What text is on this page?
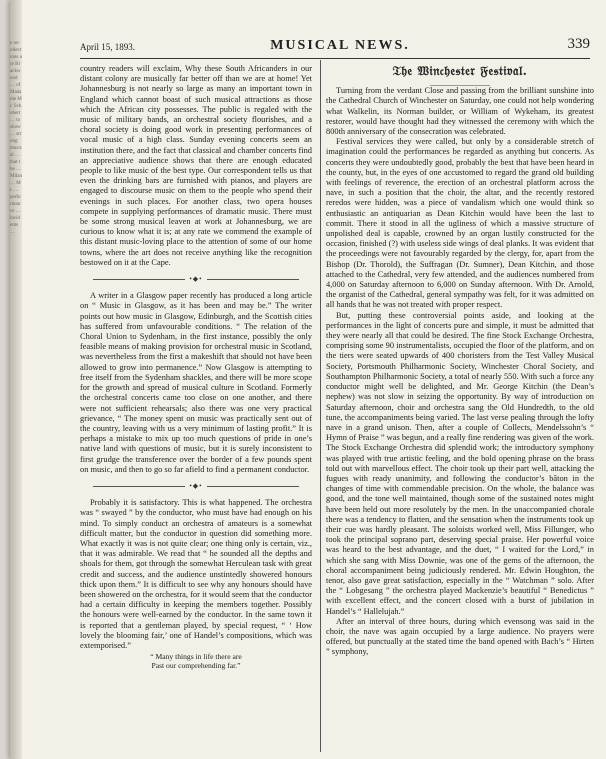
e recollections are Blackwood … of Madame Mr. Schubert … to show … strong musical … that the … Milan … Mr. … performance … incidents …
April 15, 1893.	MUSICAL NEWS.	339

country readers will exclaim, Why these South Africanders in our distant colony are musically far better off than we are at home! Yet Johannesburg is not nearly so large as many an important town in England which cannot boast of such musical attractions as those which the African city possesses. The public is regaled with the music of military bands, an orchestral society flourishes, and a choral society is doing good work in presenting performances of vocal music of a high class. Sunday evening concerts seem an institution there, and the fact that classical and chamber concerts find an appreciative audience shows that there are enough educated people to like music of the best type. Our correspondent tells us that even the drinking bars are furnished with pianos, and players are engaged to discourse music on them to the people who spend their evenings in such places. For another class, two opera houses compete in supplying performances of dramatic music. There must be some strong musical leaven at work at Johannesburg, we are curious to know what it is; at any rate we commend the example of this distant music-loving place to the attention of some of our home towns, where the art does not receive anything like the recognition bestowed on it at the Cape.

•◆•

A writer in a Glasgow paper recently has produced a long article on “ Music in Glasgow, as it has been and may be.” The writer points out how music in Glasgow, Edinburgh, and the Scottish cities has suffered from unfavourable conditions. “ The relation of the Choral Union to Sydenham, in the first instance, possibly the only feasible means of making provision for orchestral music in Scotland, was nevertheless from the first a makeshift that should not have been allowed to grow into permanence.” Now Glasgow is attempting to free itself from the Sydenham shackles, and there will be more scope for the growth and spread of musical culture in Scotland. Formerly the orchestral concerts came too close on one another, and there were not sufficient rehearsals; also there was one very practical grievance, “ The money spent on music was practically sent out of the country, leaving with us a very minimum of lasting profit.” It is perhaps a mistake to mix up too much questions of pride in one’s native land with questions of music, but it is surely inconsistent to first grudge the transference over the border of a few pounds spent on music, and then to go so far afield to find a permanent conductor.

•◆•

Probably it is satisfactory. This is what happened. The orchestra was “ swayed ” by the conductor, who must have had enough on his mind. To simply conduct an orchestra of amateurs is a somewhat difficult matter, but the conductor in question did something more. What exactly it was is not quite clear; one thing only is certain, viz., that it was admirable. We read that “ he sounded all the depths and shoals for them, got through the somewhat Herculean task with great credit and success, and the audience unstintedly showered honours thick upon them.” It is difficult to see why any honours should have been showered on the orchestra, for it would seem that the conductor had a certain difficulty in keeping the members together. Possibly the honours were well-earned by the conductor. In the same town it is reported that a gentleman played, by special request, “ ‘ How lovely the blooming fair,’ one of Handel’s compositions, which was extemporised.”

“ Many things in life there are
Past our comprehending far.”
𝔗𝔥𝔢 𝔚𝔦𝔫𝔠𝔥𝔢𝔰𝔱𝔢𝔯 𝔉𝔢𝔰𝔱𝔦𝔳𝔞𝔩.

Turning from the verdant Close and passing from the brilliant sunshine into the Cathedral Church of Winchester on Saturday, one could not help wondering what Walkelin, its Norman builder, or William of Wykeham, its greatest restorer, would have thought had they witnessed the ceremony with which the 800th anniversary of the consecration was celebrated.

Festival services they were called, but only by a considerable stretch of imagination could the performances be regarded as anything but concerts. As concerts they were undoubtedly good, probably the best that have been heard in the county, but, in the eyes of one accustomed to regard the grand old building with feelings of reverence, the erection of an orchestral platform across the nave, in such a position that the choir, the altar, and the recently restored reredos were hidden, was a piece of vandalism which one would think so enthusiastic an antiquarian as Dean Kitchin would have been the last to commit. There it stood in all the ugliness of which a massive structure of unpolished deal is capable, crowned by an organ lustily constructed for the occasion, finished (?) with useless side wings of deal planks. It was evident that the proceedings were not favourably regarded by the clergy, for, apart from the Bishop (Dr. Thorold), the Suffragan (Dr. Sumner), Dean Kitchin, and those attached to the Cathedral, very few attended, and the audiences numbered from 4,000 on Saturday afternoon to 6,000 on Sunday afternoon. With Dr. Arnold, the organist of the Cathedral, general sympathy was felt, for it was admitted on all hands that he was not treated with proper respect.

But, putting these controversial points aside, and looking at the performances in the light of concerts pure and simple, it must be admitted that they were nearly all that could be desired. The fine Stock Exchange Orchestra, comprising some 90 instrumentalists, occupied the floor of the platform, and on the tiers were seated upwards of 400 choristers from the Test Valley Musical Society, Portsmouth Philharmonic Society, Winchester Choral Society, and Southampton Philharmonic Society, a total of nearly 550. With such a force any conductor might well be delighted, and Mr. George Kitchin (the Dean’s nephew) was not slow in seizing the opportunity. By way of introduction on Saturday afternoon, choir and orchestra sang the Old Hundredth, to the old tune, the accompaniments being varied. The last verse pealing through the lofty nave in a grand unison. Then, after a couple of Collects, Mendelssohn’s “ Hymn of Praise ” was begun, and a really fine rendering was given of the work. The Stock Exchange Orchestra did splendid work; the introductory symphony was played with true artistic feeling, and the bold opening phrase on the brass told out with marvellous effect. The choir took up their part well, attacking the fugues with ready unanimity, and following the conductor’s bâton in the changes of time with commendable precision. On the whole, the balance was good, and the tone well maintained, though some of the sustained notes might have been held out more resolutely by the men. In the unaccompanied chorale there was a tendency to flatten, and the sensation when the instruments took up their cue was hardly pleasant. The soloists worked well, Miss Fillunger, who took the principal soprano part, deserving special praise. Her powerful voice was heard to the best advantage, and the duet, “ I waited for the Lord,” in which she sang with Miss Downie, was one of the gems of the afternoon, the choral accompaniment being judiciously rendered. Mr. Edwin Houghton, the tenor, also gave great satisfaction, especially in the “ Watchman ” solo. After the “ Lobgesang ” the orchestra played Mackenzie’s beautiful “ Benedictus ” with excellent effect, and the concert closed with a burst of jubilation in Handel’s “ Hallelujah.”

After an interval of three hours, during which evensong was said in the choir, the nave was again occupied by a large audience. No prayers were offered, but punctually at the stated time the band opened with Bach’s “ Hirten ” symphony,
